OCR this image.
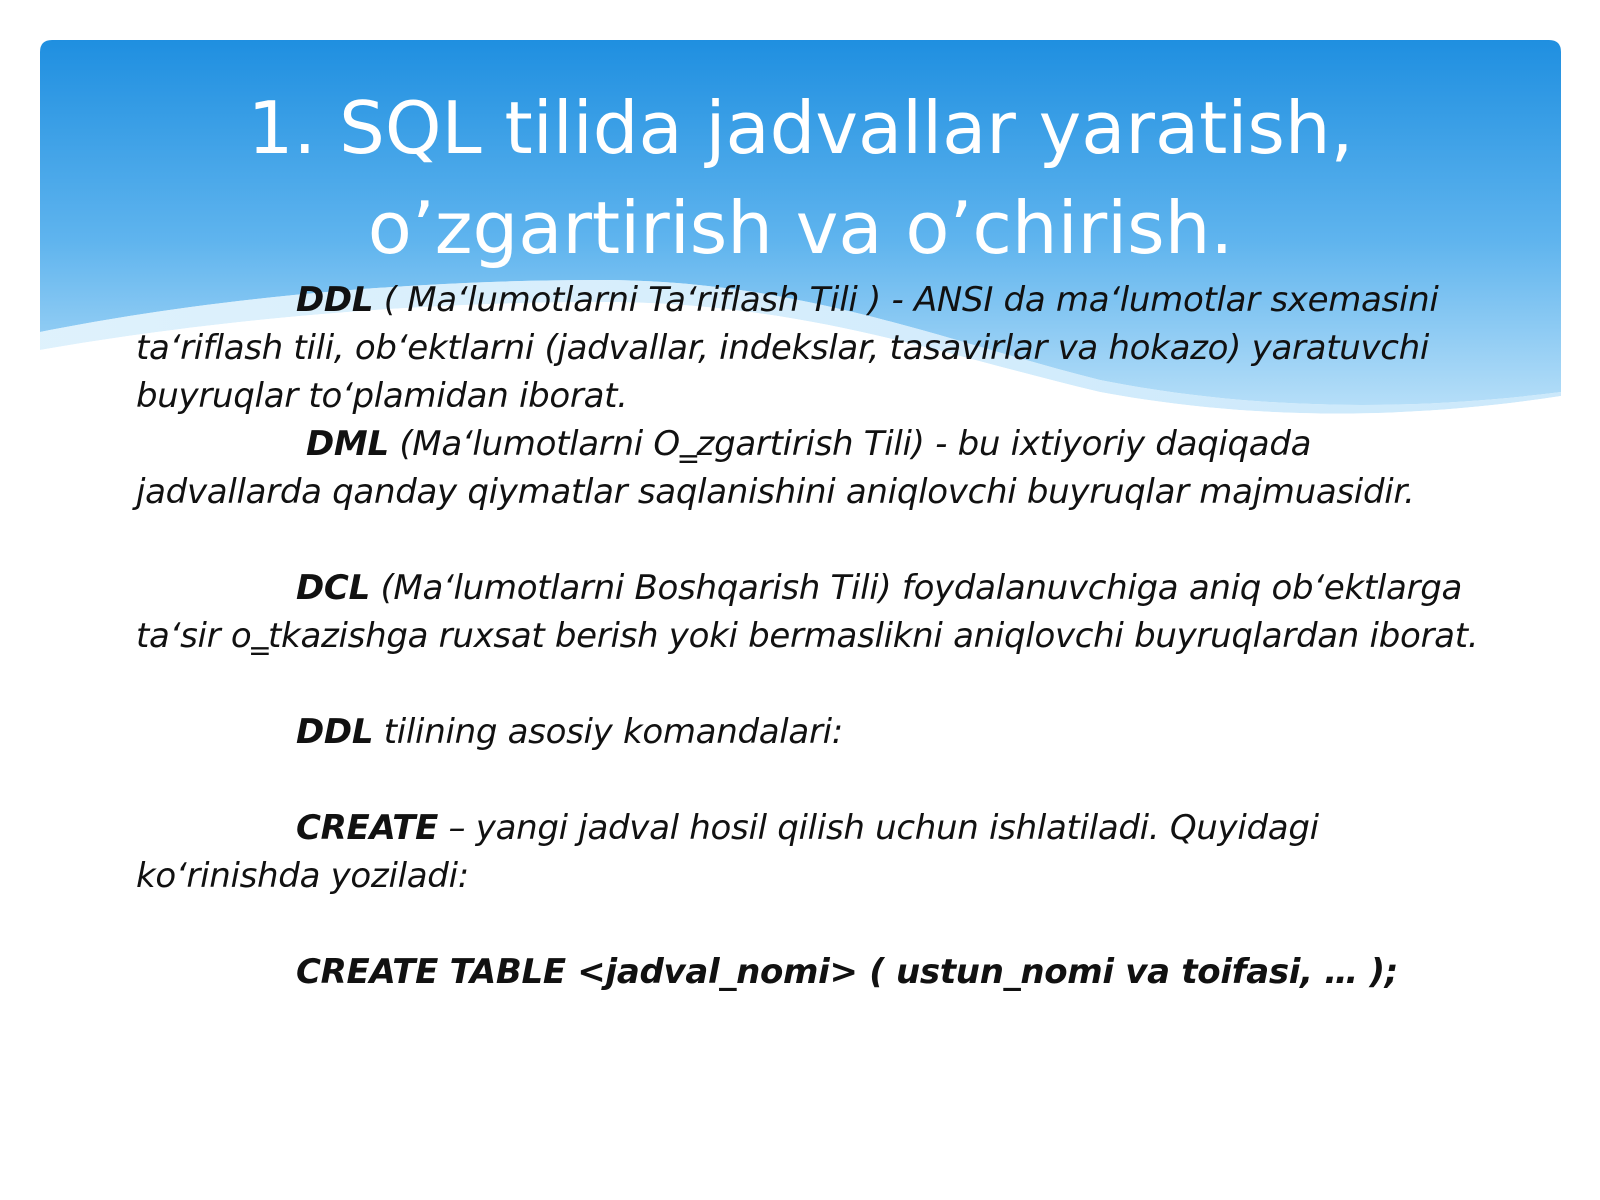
1. SQL tilida jadvallar yaratish,
o’zgartirish va o’chirish.

DDL ( Ma‘lumotlarni Ta‘riflash Tili ) - ANSI da ma‘lumotlar sxemasini ta‘riflash tili, ob‘ektlarni (jadvallar, indekslar, tasavirlar va hokazo) yaratuvchi buyruqlar to‘plamidan iborat.

DML (Ma‘lumotlarni O‗zgartirish Tili) - bu ixtiyoriy daqiqada jadvallarda qanday qiymatlar saqlanishini aniqlovchi buyruqlar majmuasidir.

DCL (Ma‘lumotlarni Boshqarish Tili) foydalanuvchiga aniq ob‘ektlarga ta‘sir o‗tkazishga ruxsat berish yoki bermaslikni aniqlovchi buyruqlardan iborat.

DDL tilining asosiy komandalari:

CREATE – yangi jadval hosil qilish uchun ishlatiladi. Quyidagi ko‘rinishda yoziladi:

CREATE TABLE <jadval_nomi> ( ustun_nomi va toifasi, … );
